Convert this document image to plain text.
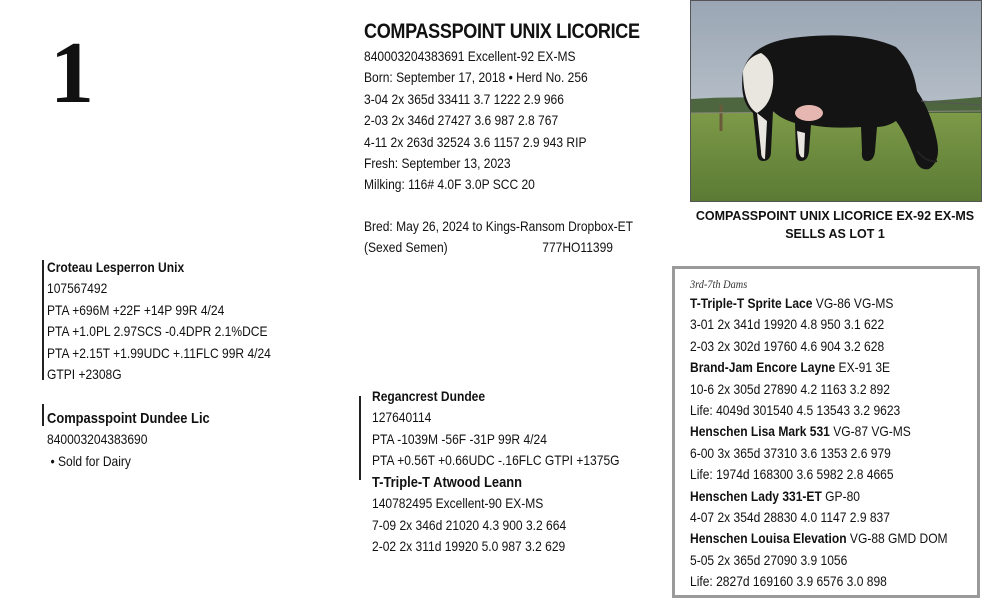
1	COMPASSPOINT UNIX LICORICE
840003204383691 Excellent-92 EX-MS
Born: September 17, 2018 • Herd No. 256
3-04 2x 365d 33411 3.7 1222 2.9 966
2-03 2x 346d 27427 3.6 987 2.8 767
4-11 2x 263d 32524 3.6 1157 2.9 943 RIP
Fresh: September 13, 2023
Milking: 116# 4.0F 3.0P SCC 20
Bred: May 26, 2024 to Kings-Ransom Dropbox-ET
(Sexed Semen)	777HO11399
COMPASSPOINT UNIX LICORICE EX-92 EX-MS
SELLS AS LOT 1
Croteau Lesperron Unix
107567492
PTA +696M +22F +14P 99R 4/24
PTA +1.0PL 2.97SCS -0.4DPR 2.1%DCE
PTA +2.15T +1.99UDC +.11FLC 99R 4/24
GTPI +2308G
Compasspoint Dundee Lic
840003204383690
• Sold for Dairy
Regancrest Dundee
127640114
PTA -1039M -56F -31P 99R 4/24
PTA +0.56T +0.66UDC -.16FLC GTPI +1375G
T-Triple-T Atwood Leann
140782495 Excellent-90 EX-MS
7-09 2x 346d 21020 4.3 900 3.2 664
2-02 2x 311d 19920 5.0 987 3.2 629
3rd-7th Dams
T-Triple-T Sprite Lace VG-86 VG-MS
3-01 2x 341d 19920 4.8 950 3.1 622
2-03 2x 302d 19760 4.6 904 3.2 628
Brand-Jam Encore Layne EX-91 3E
10-6 2x 305d 27890 4.2 1163 3.2 892
Life: 4049d 301540 4.5 13543 3.2 9623
Henschen Lisa Mark 531 VG-87 VG-MS
6-00 3x 365d 37310 3.6 1353 2.6 979
Life: 1974d 168300 3.6 5982 2.8 4665
Henschen Lady 331-ET GP-80
4-07 2x 354d 28830 4.0 1147 2.9 837
Henschen Louisa Elevation VG-88 GMD DOM
5-05 2x 365d 27090 3.9 1056
Life: 2827d 169160 3.9 6576 3.0 898
